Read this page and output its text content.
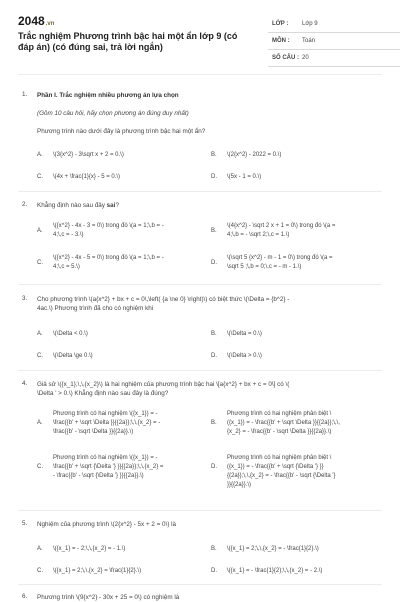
2048.vn
Trắc nghiệm Phương trình bậc hai một ẩn lớp 9 (có đáp án) (có đúng sai, trả lời ngắn)
LỚP : Lớp 9
MÔN : Toán
SỐ CÂU : 20
1. Phần I. Trắc nghiệm nhiều phương án lựa chọn
(Gồm 10 câu hỏi, hãy chọn phương án đúng duy nhất)
Phương trình nào dưới đây là phương trình bậc hai một ẩn?
A. \(3{x^2} - 3\sqrt x + 2 = 0.\)	B. \(2{x^2} - 2022 = 0.\)
C. \(4x + \frac{1}{x} - 5 = 0.\)	D. \(5x - 1 = 0.\)
2. Khẳng định nào sau đây sai?
A.
\({x^2} - 4x - 3 = 0\) trong đó \(a = 1;\,b = -
4;\,c = - 3.\)
B.
\(4{x^2} - \sqrt 2 x + 1 = 0\) trong đó \(a =
4;\,b = - \sqrt 2;\,c = 1.\)
C.
\({x^2} - 4x - 5 = 0\) trong đó \(a = 1;\,b = -
4;\,c = 5.\)
D.
\(\sqrt 5 {x^2} - m - 1 = 0\) trong đó \(a =
\sqrt 5 ;\,b = 0;\,c = - m - 1.\)
3. Cho phương trình \(a{x^2} + bx + c = 0\,\left( {a \ne 0} \right)\) có biệt thức \(\Delta = {b^2} -
4ac.\) Phương trình đã cho có nghiệm khi
A. \(\Delta < 0.\)	B. \(\Delta = 0.\)
C. \(\Delta \ge 0.\)	D. \(\Delta > 0.\)
4. Giả sử \({x_1};\,\,{x_2}\) là hai nghiệm của phương trình bậc hai \[a{x^2} + bx + c = 0\] có \(
\Delta ' > 0.\) Khẳng định nào sau đây là đúng?
A.
Phương trình có hai nghiệm \({x_1}) = -
\frac{{b' + \sqrt \Delta }}{{2a}};\,\,{x_2} = -
\frac{{b' - \sqrt \Delta }}{{2a}}.\)
B.
Phương trình có hai nghiệm phân biệt \
({x_1}) = - \frac{{b' + \sqrt \Delta }}{{2a}};\,\,
{x_2} = - \frac{{b' - \sqrt \Delta }}{{2a}}.\)
C.
Phương trình có hai nghiệm \({x_1}) = -
\frac{{b' + \sqrt {\Delta '} }}{{2a}};\,\,{x_2} =
- \frac{{b' - \sqrt {\Delta '} }}{{2a}}.\)
D.
Phương trình có hai nghiệm phân biệt \
({x_1}) = - \frac{{b' + \sqrt {\Delta '} }}
{{2a}};\,\,{x_2} = - \frac{{b' - \sqrt {\Delta '}
}}{{2a}}.\)
5. Nghiệm của phương trình \(2{x^2} - 5x + 2 = 0\) là
A. \({x_1} = - 2;\,\,{x_2} = - 1.\)	B. \({x_1} = 2;\,\,{x_2} = - \frac{1}{2}.\)
C. \({x_1} = 2;\,\,{x_2} = \frac{1}{2}.\)	D. \({x_1} = - \frac{1}{2};\,\,{x_2} = - 2.\)
6. Phương trình \(9{x^2} - 30x + 25 = 0\) có nghiệm là
